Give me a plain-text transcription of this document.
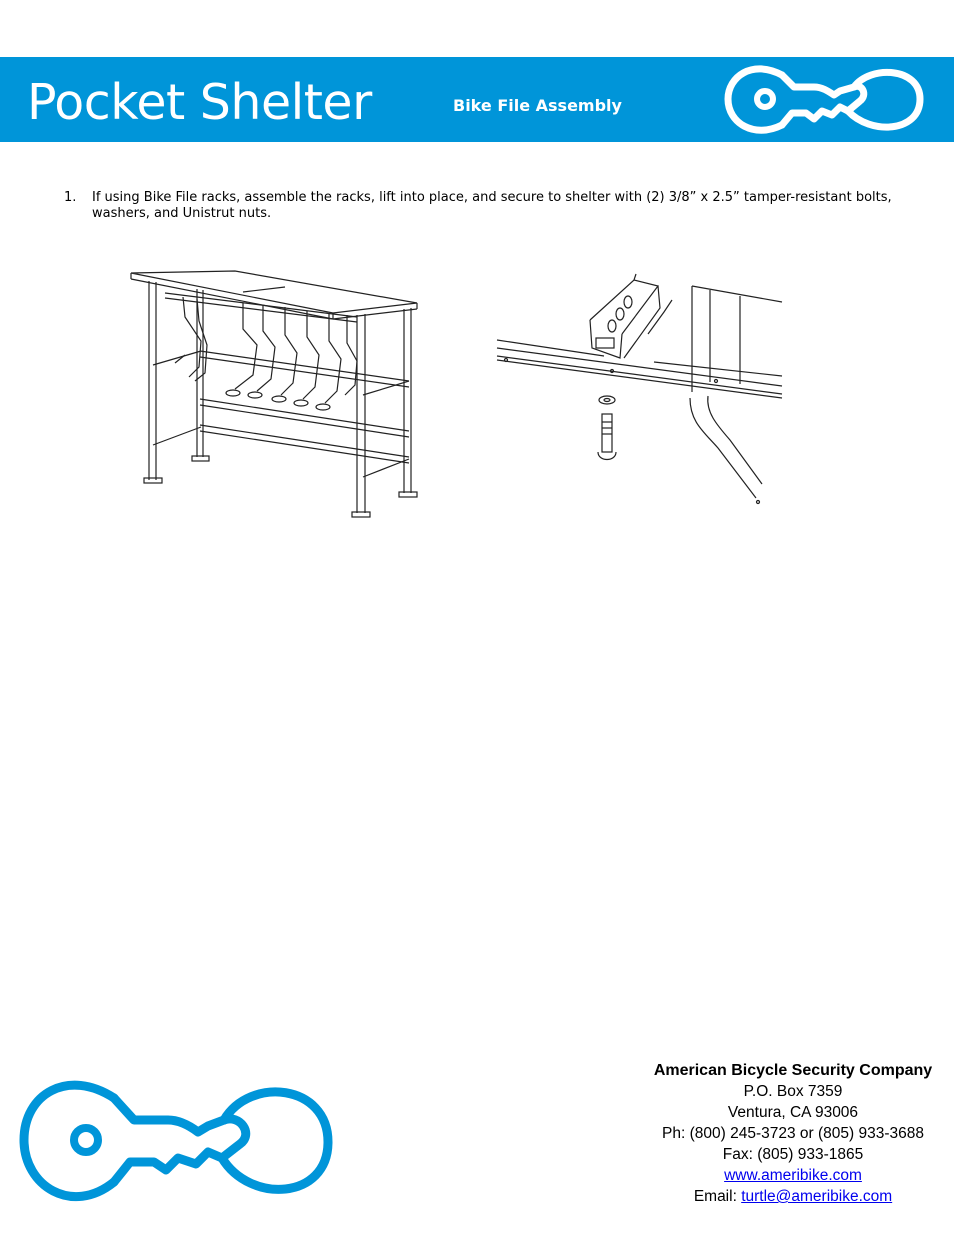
Pocket Shelter	Bike File Assembly
1. If using Bike File racks, assemble the racks, lift into place, and secure to shelter with (2) 3/8” x 2.5” tamper-resistant bolts, washers, and Unistrut nuts.
American Bicycle Security Company
P.O. Box 7359
Ventura, CA 93006
Ph: (800) 245-3723 or (805) 933-3688
Fax: (805) 933-1865
www.ameribike.com
Email: turtle@ameribike.com
